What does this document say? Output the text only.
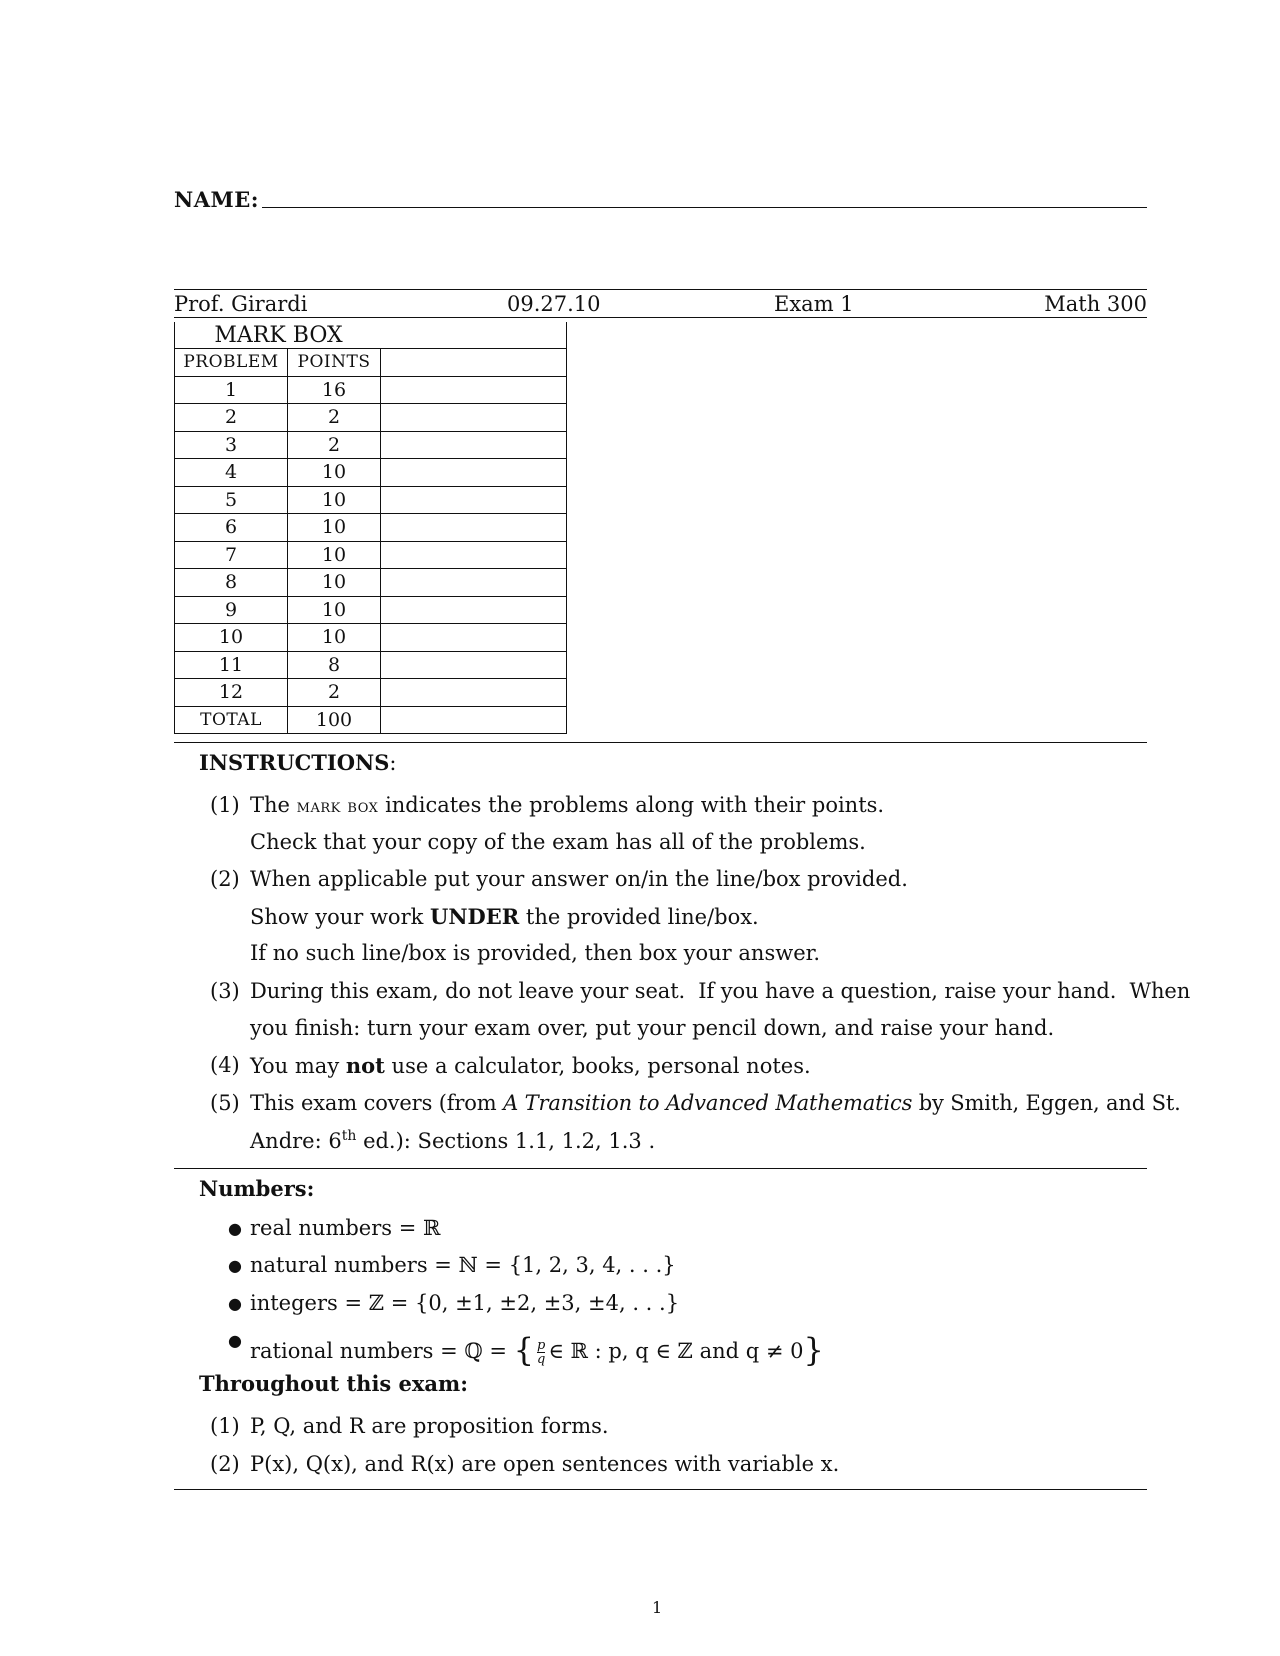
NAME:
Prof. Girardi	09.27.10	Exam 1	Math 300
MARK BOX		
PROBLEM	POINTS	
1	16	
2	2	
3	2	
4	10	
5	10	
6	10	
7	10	
8	10	
9	10	
10	10	
11	8	
12	2	
TOTAL	100	
INSTRUCTIONS:
(1) The mark box indicates the problems along with their points.
Check that your copy of the exam has all of the problems.
(2) When applicable put your answer on/in the line/box provided.
Show your work UNDER the provided line/box.
If no such line/box is provided, then box your answer.
(3) During this exam, do not leave your seat.  If you have a question, raise your hand.  When
you finish: turn your exam over, put your pencil down, and raise your hand.
(4) You may not use a calculator, books, personal notes.
(5) This exam covers (from A Transition to Advanced Mathematics by Smith, Eggen, and St.
Andre: 6th ed.): Sections 1.1, 1.2, 1.3 .
Numbers:
● real numbers = ℝ
● natural numbers = ℕ = {1, 2, 3, 4, . . .}
● integers = ℤ = {0, ±1, ±2, ±3, ±4, . . .}
● rational numbers = ℚ = { $\frac{p}{q}$ ∈ ℝ : p, q ∈ ℤ and q ≠ 0}
Throughout this exam:
(1) P, Q, and R are proposition forms.
(2) P(x), Q(x), and R(x) are open sentences with variable x.
1
